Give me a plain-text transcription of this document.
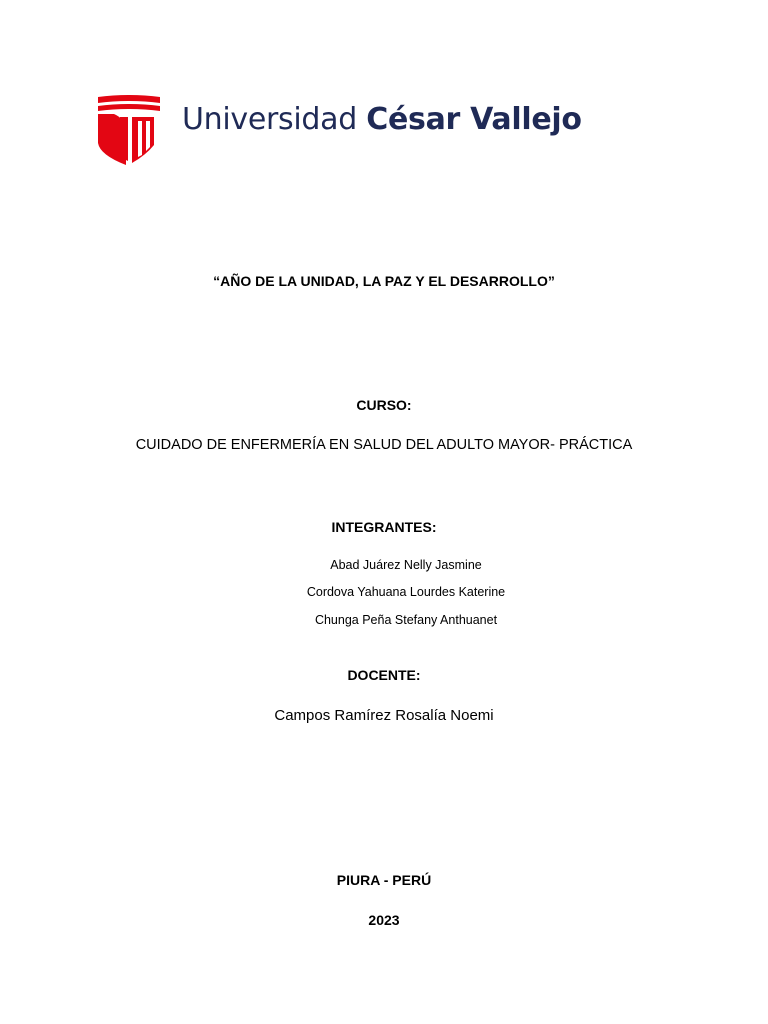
Universidad César Vallejo
“AÑO DE LA UNIDAD, LA PAZ Y EL DESARROLLO”
CURSO:
CUIDADO DE ENFERMERÍA EN SALUD DEL ADULTO MAYOR- PRÁCTICA
INTEGRANTES:
Abad Juárez Nelly Jasmine
Cordova Yahuana Lourdes Katerine
Chunga Peña Stefany Anthuanet
DOCENTE:
Campos Ramírez Rosalía Noemi
PIURA - PERÚ
2023
